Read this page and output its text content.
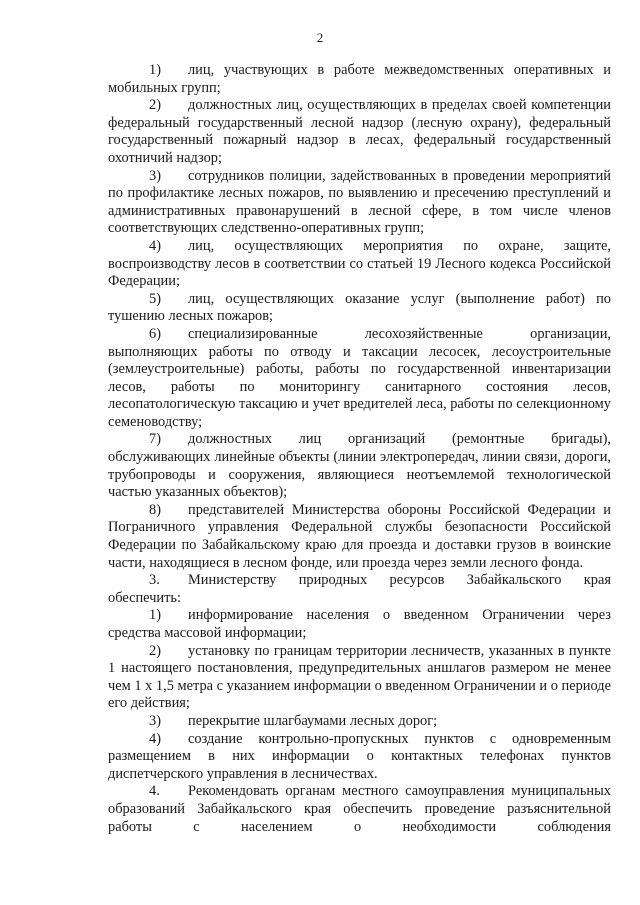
2

1) лиц, участвующих в работе межведомственных оперативных и мобильных групп;

2) должностных лиц, осуществляющих в пределах своей компетенции федеральный государственный лесной надзор (лесную охрану), федеральный государственный пожарный надзор в лесах, федеральный государственный охотничий надзор;

3) сотрудников полиции, задействованных в проведении мероприятий по профилактике лесных пожаров, по выявлению и пресечению преступлений и административных правонарушений в лесной сфере, в том числе членов соответствующих следственно-оперативных групп;

4) лиц, осуществляющих мероприятия по охране, защите, воспроизводству лесов в соответствии со статьей 19 Лесного кодекса Российской Федерации;

5) лиц, осуществляющих оказание услуг (выполнение работ) по тушению лесных пожаров;

6) специализированные лесохозяйственные организации, выполняющих работы по отводу и таксации лесосек, лесоустроительные (землеустроительные) работы, работы по государственной инвентаризации лесов, работы по мониторингу санитарного состояния лесов, лесопатологическую таксацию и учет вредителей леса, работы по селекционному семеноводству;

7) должностных лиц организаций (ремонтные бригады), обслуживающих линейные объекты (линии электропередач, линии связи, дороги, трубопроводы и сооружения, являющиеся неотъемлемой технологической частью указанных объектов);

8) представителей Министерства обороны Российской Федерации и Пограничного управления Федеральной службы безопасности Российской Федерации по Забайкальскому краю для проезда и доставки грузов в воинские части, находящиеся в лесном фонде, или проезда через земли лесного фонда.

3. Министерству природных ресурсов Забайкальского края обеспечить:

1) информирование населения о введенном Ограничении через средства массовой информации;

2) установку по границам территории лесничеств, указанных в пункте 1 настоящего постановления, предупредительных аншлагов размером не менее чем 1 x 1,5 метра с указанием информации о введенном Ограничении и о периоде его действия;

3) перекрытие шлагбаумами лесных дорог;

4) создание контрольно-пропускных пунктов с одновременным размещением в них информации о контактных телефонах пунктов диспетчерского управления в лесничествах.

4. Рекомендовать органам местного самоуправления муниципальных образований Забайкальского края обеспечить проведение разъяснительной работы с населением о необходимости соблюдения
